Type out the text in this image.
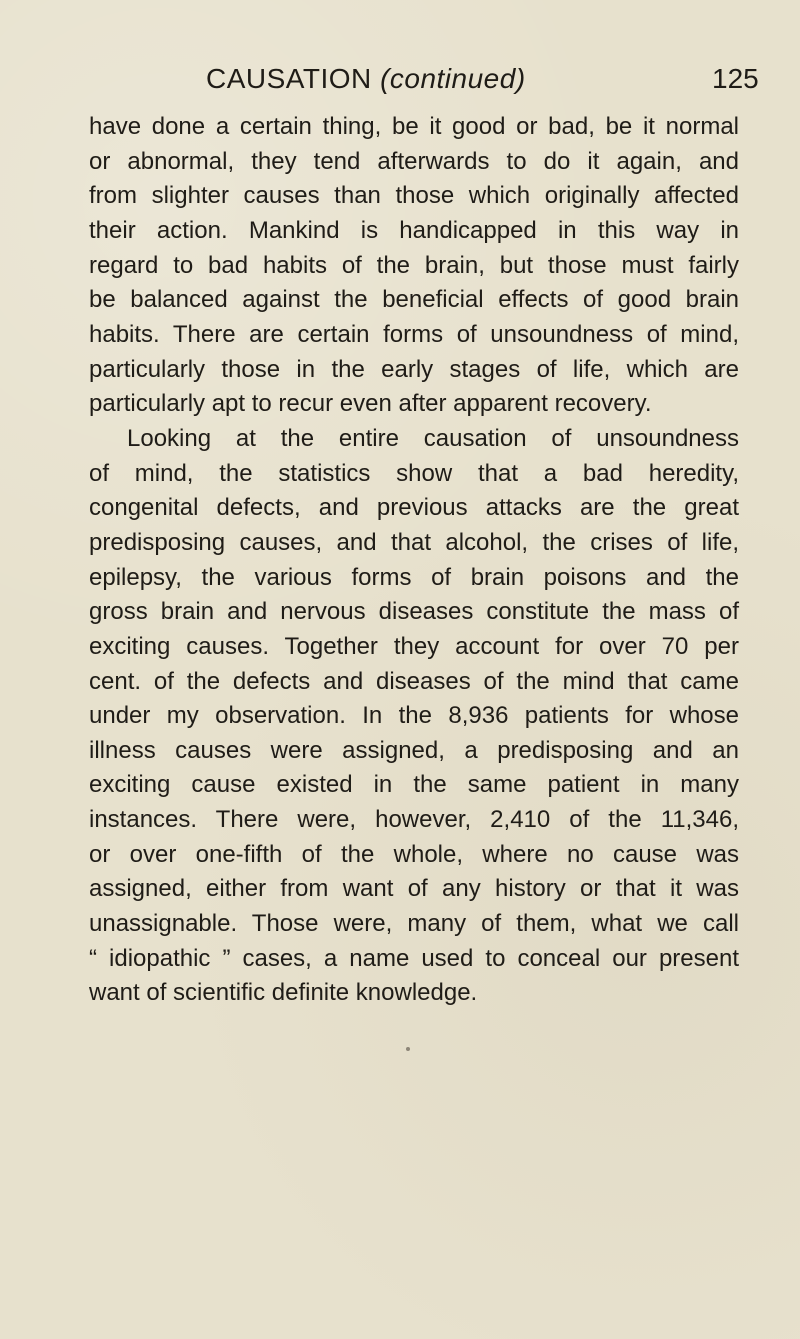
CAUSATION (continued)	125
have done a certain thing, be it good or bad, be it normal
or abnormal, they tend afterwards to do it again, and
from slighter causes than those which originally affected
their action. Mankind is handicapped in this way in
regard to bad habits of the brain, but those must fairly
be balanced against the beneficial effects of good brain
habits. There are certain forms of unsoundness of mind,
particularly those in the early stages of life, which are
particularly apt to recur even after apparent recovery.
Looking at the entire causation of unsoundness
of mind, the statistics show that a bad heredity,
congenital defects, and previous attacks are the great
predisposing causes, and that alcohol, the crises of life,
epilepsy, the various forms of brain poisons and the
gross brain and nervous diseases constitute the mass of
exciting causes. Together they account for over 70 per
cent. of the defects and diseases of the mind that came
under my observation. In the 8,936 patients for whose
illness causes were assigned, a predisposing and an
exciting cause existed in the same patient in many
instances. There were, however, 2,410 of the 11,346,
or over one-fifth of the whole, where no cause was
assigned, either from want of any history or that it was
unassignable. Those were, many of them, what we call
“ idiopathic ” cases, a name used to conceal our present
want of scientific definite knowledge.
